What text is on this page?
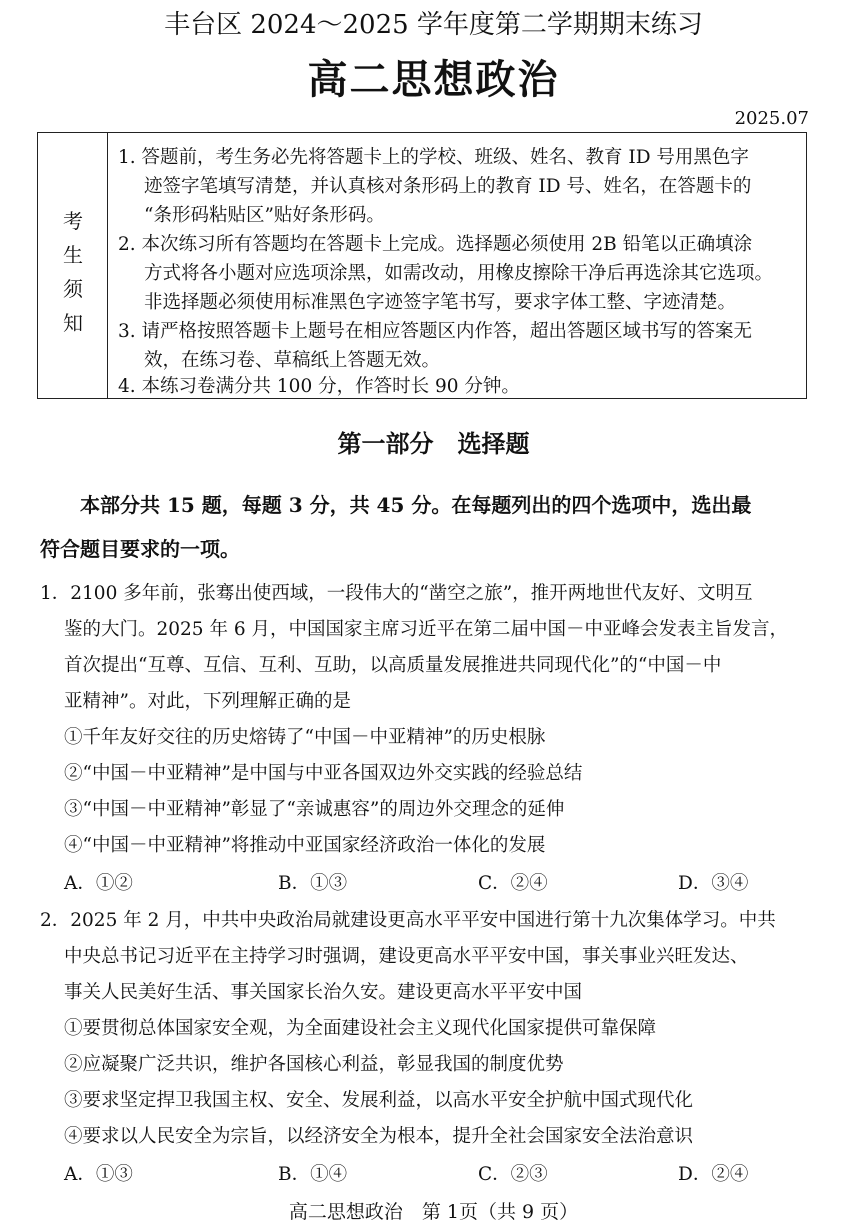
丰台区 2024～2025 学年度第二学期期末练习
高二思想政治
2025.07
考
生
须
知
1. 答题前，考生务必先将答题卡上的学校、班级、姓名、教育 ID 号用黑色字
迹签字笔填写清楚，并认真核对条形码上的教育 ID 号、姓名，在答题卡的
“条形码粘贴区”贴好条形码。
2. 本次练习所有答题均在答题卡上完成。选择题必须使用 2B 铅笔以正确填涂
方式将各小题对应选项涂黑，如需改动，用橡皮擦除干净后再选涂其它选项。
非选择题必须使用标准黑色字迹签字笔书写，要求字体工整、字迹清楚。
3. 请严格按照答题卡上题号在相应答题区内作答，超出答题区域书写的答案无
效，在练习卷、草稿纸上答题无效。
4. 本练习卷满分共 100 分，作答时长 90 分钟。
第一部分　选择题
本部分共 15 题，每题 3 分，共 45 分。在每题列出的四个选项中，选出最
符合题目要求的一项。
1．2100 多年前，张骞出使西域，一段伟大的“凿空之旅”，推开两地世代友好、文明互
鉴的大门。2025 年 6 月，中国国家主席习近平在第二届中国－中亚峰会发表主旨发言，
首次提出“互尊、互信、互利、互助，以高质量发展推进共同现代化”的“中国－中
亚精神”。对此，下列理解正确的是
①千年友好交往的历史熔铸了“中国－中亚精神”的历史根脉
②“中国－中亚精神”是中国与中亚各国双边外交实践的经验总结
③“中国－中亚精神”彰显了“亲诚惠容”的周边外交理念的延伸
④“中国－中亚精神”将推动中亚国家经济政治一体化的发展
A．①②	B．①③	C．②④	D．③④
2．2025 年 2 月，中共中央政治局就建设更高水平平安中国进行第十九次集体学习。中共
中央总书记习近平在主持学习时强调，建设更高水平平安中国，事关事业兴旺发达、
事关人民美好生活、事关国家长治久安。建设更高水平平安中国
①要贯彻总体国家安全观，为全面建设社会主义现代化国家提供可靠保障
②应凝聚广泛共识，维护各国核心利益，彰显我国的制度优势
③要求坚定捍卫我国主权、安全、发展利益，以高水平安全护航中国式现代化
④要求以人民安全为宗旨，以经济安全为根本，提升全社会国家安全法治意识
A．①③	B．①④	C．②③	D．②④
高二思想政治　第 1页（共 9 页）
